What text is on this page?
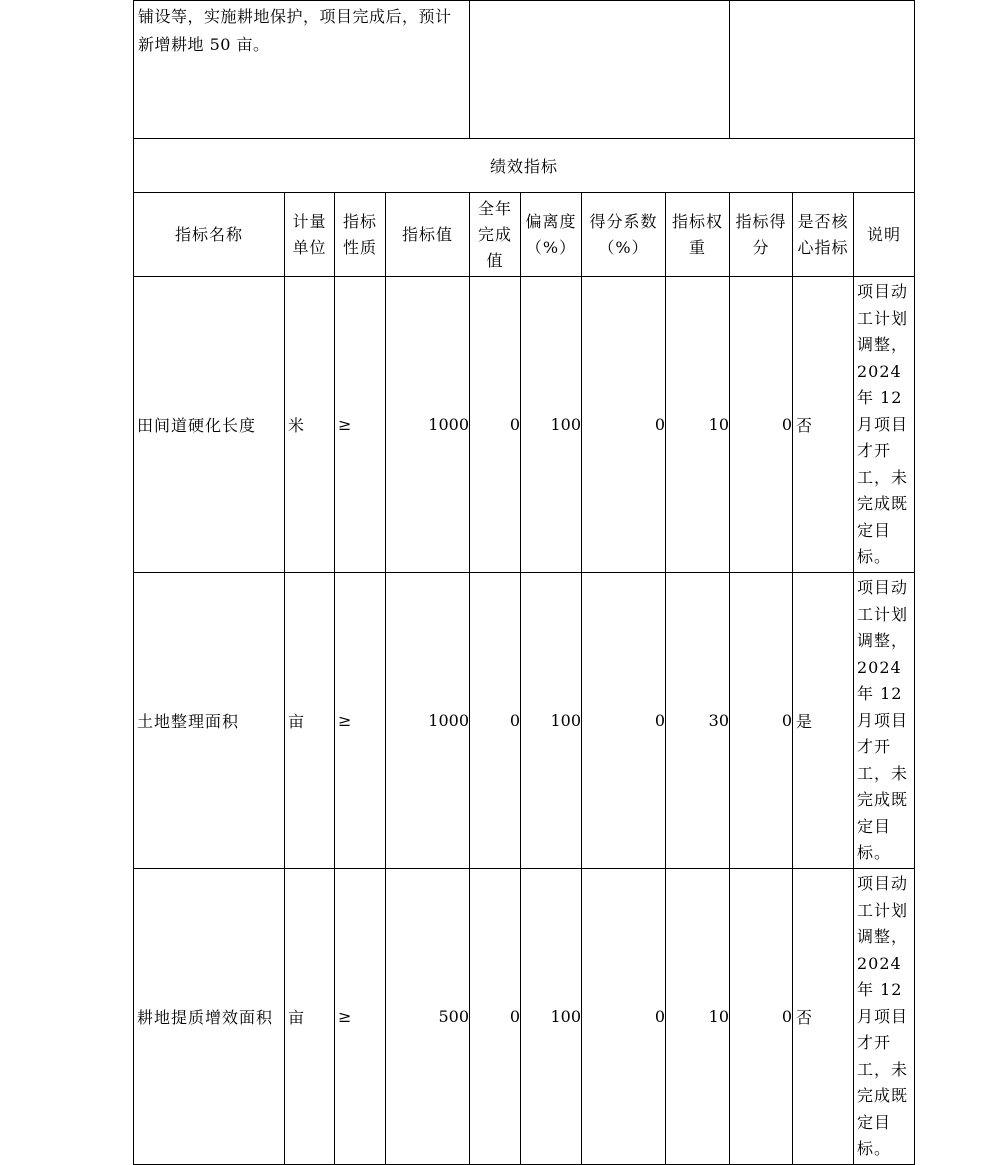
铺设等，实施耕地保护，项目完成后，预计新增耕地 50 亩。

绩效指标										
指标名称	计量单位	指标性质	指标值	全年完成值	偏离度（%）	得分系数（%）	指标权重	指标得分	是否核心指标	说明
田间道硬化长度	米	≥	1000	0	100	0	10	0	否	项目动工计划调整，2024 年 12 月项目才开工，未完成既定目标。
土地整理面积	亩	≥	1000	0	100	0	30	0	是	项目动工计划调整，2024 年 12 月项目才开工，未完成既定目标。
耕地提质增效面积	亩	≥	500	0	100	0	10	0	否	项目动工计划调整，2024 年 12 月项目才开工，未完成既定目标。
